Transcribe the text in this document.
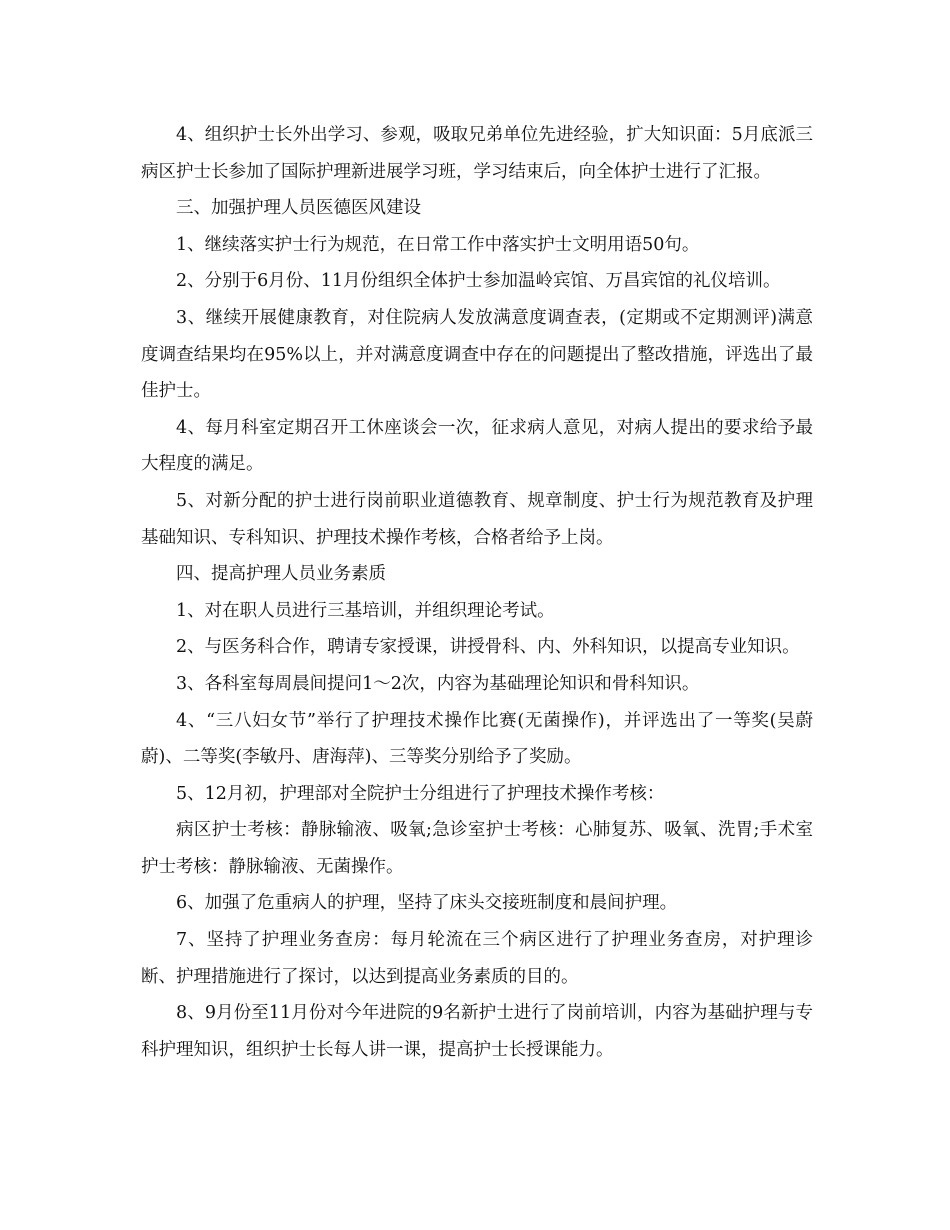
4、组织护士长外出学习、参观，吸取兄弟单位先进经验，扩大知识面：5月底派三病区护士长参加了国际护理新进展学习班，学习结束后，向全体护士进行了汇报。

三、加强护理人员医德医风建设

1、继续落实护士行为规范，在日常工作中落实护士文明用语50句。

2、分别于6月份、11月份组织全体护士参加温岭宾馆、万昌宾馆的礼仪培训。

3、继续开展健康教育，对住院病人发放满意度调查表，(定期或不定期测评)满意度调查结果均在95%以上，并对满意度调查中存在的问题提出了整改措施，评选出了最佳护士。

4、每月科室定期召开工休座谈会一次，征求病人意见，对病人提出的要求给予最大程度的满足。

5、对新分配的护士进行岗前职业道德教育、规章制度、护士行为规范教育及护理基础知识、专科知识、护理技术操作考核，合格者给予上岗。

四、提高护理人员业务素质

1、对在职人员进行三基培训，并组织理论考试。

2、与医务科合作，聘请专家授课，讲授骨科、内、外科知识，以提高专业知识。

3、各科室每周晨间提问1～2次，内容为基础理论知识和骨科知识。

4、“三八妇女节”举行了护理技术操作比赛(无菌操作)，并评选出了一等奖(吴蔚蔚)、二等奖(李敏丹、唐海萍)、三等奖分别给予了奖励。

5、12月初，护理部对全院护士分组进行了护理技术操作考核：

病区护士考核：静脉输液、吸氧;急诊室护士考核：心肺复苏、吸氧、洗胃;手术室护士考核：静脉输液、无菌操作。

6、加强了危重病人的护理，坚持了床头交接班制度和晨间护理。

7、坚持了护理业务查房：每月轮流在三个病区进行了护理业务查房，对护理诊断、护理措施进行了探讨，以达到提高业务素质的目的。

8、9月份至11月份对今年进院的9名新护士进行了岗前培训，内容为基础护理与专科护理知识，组织护士长每人讲一课，提高护士长授课能力。
